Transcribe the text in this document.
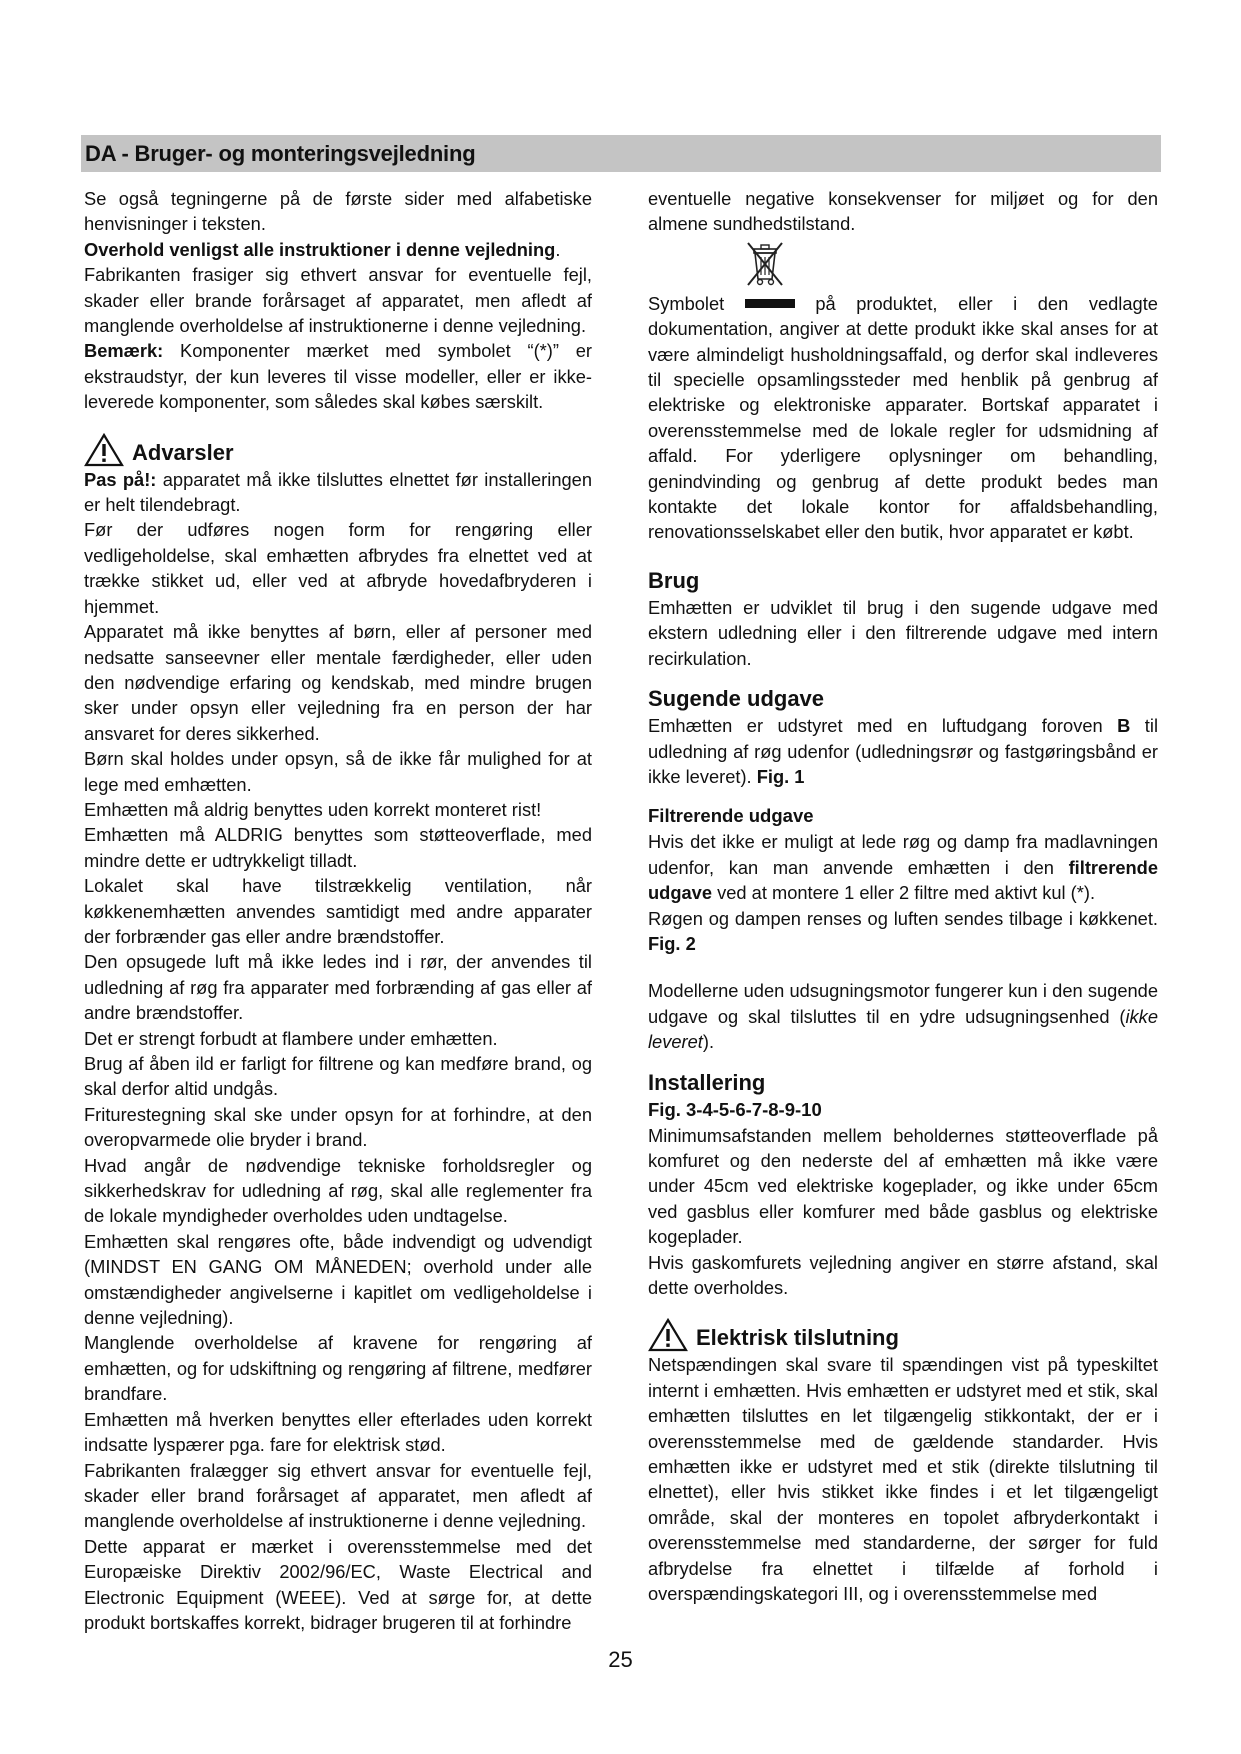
DA - Bruger- og monteringsvejledning

Se også tegningerne på de første sider med alfabetiske henvisninger i teksten.

Overhold venligst alle instruktioner i denne vejledning.

Fabrikanten frasiger sig ethvert ansvar for eventuelle fejl, skader eller brande forårsaget af apparatet, men afledt af manglende overholdelse af instruktionerne i denne vejledning.

Bemærk: Komponenter mærket med symbolet “(*)” er ekstraudstyr, der kun leveres til visse modeller, eller er ikke-leverede komponenter, som således skal købes særskilt.

Advarsler

Pas på!: apparatet må ikke tilsluttes elnettet før installeringen er helt tilendebragt.

Før der udføres nogen form for rengøring eller vedligeholdelse, skal emhætten afbrydes fra elnettet ved at trække stikket ud, eller ved at afbryde hovedafbryderen i hjemmet.

Apparatet må ikke benyttes af børn, eller af personer med nedsatte sanseevner eller mentale færdigheder, eller uden den nødvendige erfaring og kendskab, med mindre brugen sker under opsyn eller vejledning fra en person der har ansvaret for deres sikkerhed.

Børn skal holdes under opsyn, så de ikke får mulighed for at lege med emhætten.

Emhætten må aldrig benyttes uden korrekt monteret rist!

Emhætten må ALDRIG benyttes som støtteoverflade, med mindre dette er udtrykkeligt tilladt.

Lokalet skal have tilstrækkelig ventilation, når køkkenemhætten anvendes samtidigt med andre apparater der forbrænder gas eller andre brændstoffer.

Den opsugede luft må ikke ledes ind i rør, der anvendes til udledning af røg fra apparater med forbrænding af gas eller af andre brændstoffer.

Det er strengt forbudt at flambere under emhætten.

Brug af åben ild er farligt for filtrene og kan medføre brand, og skal derfor altid undgås.

Friturestegning skal ske under opsyn for at forhindre, at den overopvarmede olie bryder i brand.

Hvad angår de nødvendige tekniske forholdsregler og sikkerhedskrav for udledning af røg, skal alle reglementer fra de lokale myndigheder overholdes uden undtagelse.

Emhætten skal rengøres ofte, både indvendigt og udvendigt (MINDST EN GANG OM MÅNEDEN; overhold under alle omstændigheder angivelserne i kapitlet om vedligeholdelse i denne vejledning).

Manglende overholdelse af kravene for rengøring af emhætten, og for udskiftning og rengøring af filtrene, medfører brandfare.

Emhætten må hverken benyttes eller efterlades uden korrekt indsatte lyspærer pga. fare for elektrisk stød.

Fabrikanten fralægger sig ethvert ansvar for eventuelle fejl, skader eller brand forårsaget af apparatet, men afledt af manglende overholdelse af instruktionerne i denne vejledning.

Dette apparat er mærket i overensstemmelse med det Europæiske Direktiv 2002/96/EC, Waste Electrical and Electronic Equipment (WEEE). Ved at sørge for, at dette produkt bortskaffes korrekt, bidrager brugeren til at forhindre

eventuelle negative konsekvenser for miljøet og for den almene sundhedstilstand.

Symbolet	på produktet, eller i den vedlagte

dokumentation, angiver at dette produkt ikke skal anses for at være almindeligt husholdningsaffald, og derfor skal indleveres til specielle opsamlingssteder med henblik på genbrug af elektriske og elektroniske apparater. Bortskaf apparatet i overensstemmelse med de lokale regler for udsmidning af affald. For yderligere oplysninger om behandling, genindvinding og genbrug af dette produkt bedes man kontakte det lokale kontor for affaldsbehandling, renovationsselskabet eller den butik, hvor apparatet er købt.

Brug

Emhætten er udviklet til brug i den sugende udgave med ekstern udledning eller i den filtrerende udgave med intern recirkulation.

Sugende udgave

Emhætten er udstyret med en luftudgang foroven B til udledning af røg udenfor (udledningsrør og fastgøringsbånd er ikke leveret). Fig. 1

Filtrerende udgave

Hvis det ikke er muligt at lede røg og damp fra madlavningen udenfor, kan man anvende emhætten i den filtrerende udgave ved at montere 1 eller 2 filtre med aktivt kul (*).

Røgen og dampen renses og luften sendes tilbage i køkkenet. Fig. 2

Modellerne uden udsugningsmotor fungerer kun i den sugende udgave og skal tilsluttes til en ydre udsugningsenhed (ikke leveret).

Installering
Fig. 3-4-5-6-7-8-9-10

Minimumsafstanden mellem beholdernes støtteoverflade på komfuret og den nederste del af emhætten må ikke være under 45cm ved elektriske kogeplader, og ikke under 65cm ved gasblus eller komfurer med både gasblus og elektriske kogeplader.

Hvis gaskomfurets vejledning angiver en større afstand, skal dette overholdes.

Elektrisk tilslutning

Netspændingen skal svare til spændingen vist på typeskiltet internt i emhætten. Hvis emhætten er udstyret med et stik, skal emhætten tilsluttes en let tilgængelig stikkontakt, der er i overensstemmelse med de gældende standarder. Hvis emhætten ikke er udstyret med et stik (direkte tilslutning til elnettet), eller hvis stikket ikke findes i et let tilgængeligt område, skal der monteres en topolet afbryderkontakt i overensstemmelse med standarderne, der sørger for fuld afbrydelse fra elnettet i tilfælde af forhold i overspændingskategori III, og i overensstemmelse med

25
